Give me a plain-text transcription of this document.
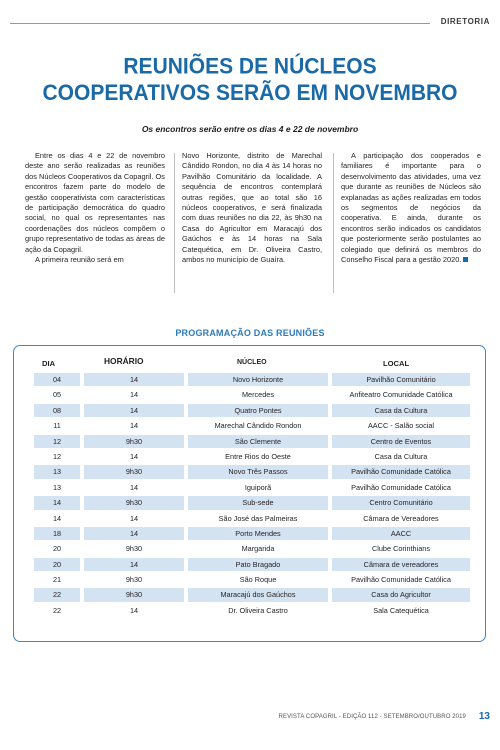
DIRETORIA
REUNIÕES DE NÚCLEOS
COOPERATIVOS SERÃO EM NOVEMBRO
Os encontros serão entre os dias 4 e 22 de novembro

Entre os dias 4 e 22 de novembro deste ano serão realizadas as reuniões dos Núcleos Cooperativos da Copagril. Os encontros fazem parte do modelo de gestão cooperativista com características de participação democrática do quadro social, no qual os representantes nas coordenações dos núcleos compõem o grupo representativo de todas as áreas de ação da Copagril.

A primeira reunião será em

Novo Horizonte, distrito de Marechal Cândido Rondon, no dia 4 às 14 horas no Pavilhão Comunitário da localidade. A sequência de encontros contemplará outras regiões, que ao total são 16 núcleos cooperativos, e será finalizada com duas reuniões no dia 22, às 9h30 na Casa do Agricultor em Maracajú dos Gaúchos e às 14 horas na Sala Catequética, em Dr. Oliveira Castro, ambos no município de Guaíra.

A participação dos cooperados e familiares é importante para o desenvolvimento das atividades, uma vez que durante as reuniões de Núcleos são explanadas as ações realizadas em todos os segmentos de negócios da cooperativa. E ainda, durante os encontros serão indicados os candidatos que posteriormente serão postulantes ao colegiado que definirá os membros do Conselho Fiscal para a gestão 2020.

PROGRAMAÇÃO DAS REUNIÕES
DIA	HORÁRIO	NÚCLEO	LOCAL
04	14	Novo Horizonte	Pavilhão Comunitário
05	14	Mercedes	Anfiteatro Comunidade Católica
08	14	Quatro Pontes	Casa da Cultura
11	14	Marechal Cândido Rondon	AACC - Salão social
12	9h30	São Clemente	Centro de Eventos
12	14	Entre Rios do Oeste	Casa da Cultura
13	9h30	Novo Três Passos	Pavilhão Comunidade Católica
13	14	Iguiporã	Pavilhão Comunidade Católica
14	9h30	Sub-sede	Centro Comunitário
14	14	São José das Palmeiras	Câmara de Vereadores
18	14	Porto Mendes	AACC
20	9h30	Margarida	Clube Corinthians
20	14	Pato Bragado	Câmara de vereadores
21	9h30	São Roque	Pavilhão Comunidade Católica
22	9h30	Maracajú dos Gaúchos	Casa do Agricultor
22	14	Dr. Oliveira Castro	Sala Catequética
REVISTA COPAGRIL - EDIÇÃO 112 - SETEMBRO/OUTUBRO 2019 13
